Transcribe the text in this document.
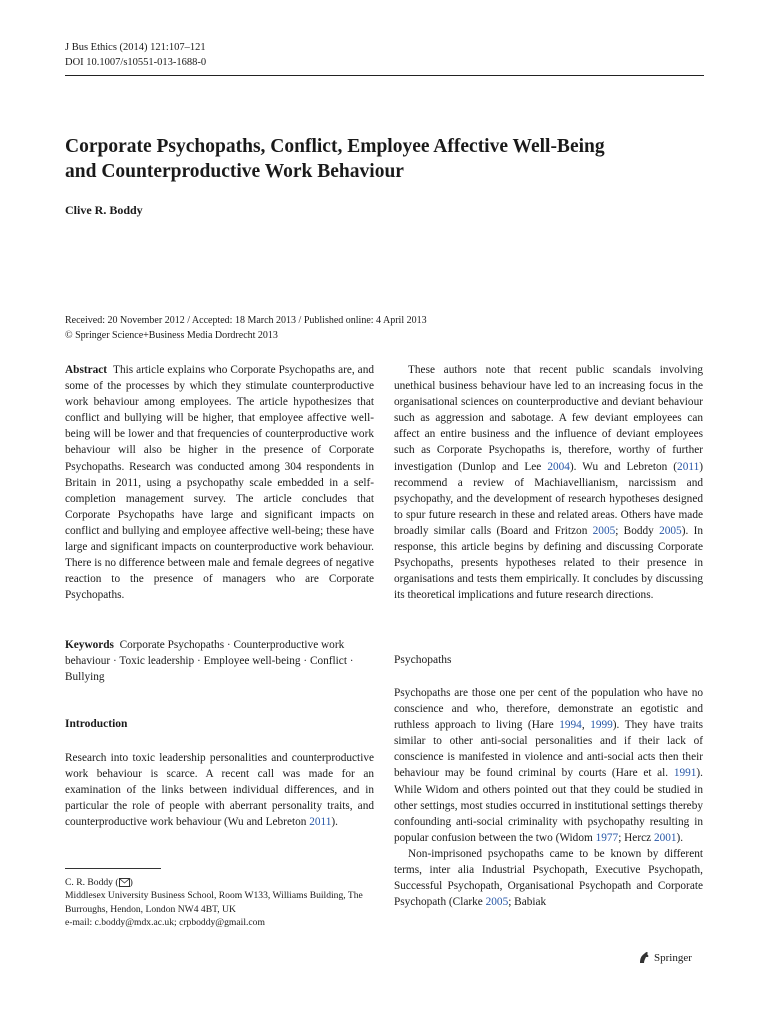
J Bus Ethics (2014) 121:107–121
DOI 10.1007/s10551-013-1688-0
Corporate Psychopaths, Conflict, Employee Affective Well-Being
and Counterproductive Work Behaviour
Clive R. Boddy
Received: 20 November 2012 / Accepted: 18 March 2013 / Published online: 4 April 2013
© Springer Science+Business Media Dordrecht 2013

Abstract This article explains who Corporate Psychopaths are, and some of the processes by which they stimulate counterproductive work behaviour among employees. The article hypothesizes that conflict and bullying will be higher, that employee affective well-being will be lower and that frequencies of counterproductive work behaviour will also be higher in the presence of Corporate Psychopaths. Research was conducted among 304 respondents in Britain in 2011, using a psychopathy scale embedded in a self-completion management survey. The article concludes that Corporate Psychopaths have large and significant impacts on conflict and bullying and employee affective well-being; these have large and significant impacts on counterproductive work behaviour. There is no difference between male and female degrees of negative reaction to the presence of managers who are Corporate Psychopaths.

Keywords Corporate Psychopaths · Counterproductive work behaviour · Toxic leadership · Employee well-being · Conflict · Bullying

Introduction

Research into toxic leadership personalities and counterproductive work behaviour is scarce. A recent call was made for an examination of the links between individual differences, and in particular the role of people with aberrant personality traits, and counterproductive work behaviour (Wu and Lebreton 2011).

C. R. Boddy ( )
Middlesex University Business School, Room W133, Williams Building, The Burroughs, Hendon, London NW4 4BT, UK
e-mail: c.boddy@mdx.ac.uk; crpboddy@gmail.com

These authors note that recent public scandals involving unethical business behaviour have led to an increasing focus in the organisational sciences on counterproductive and deviant behaviour such as aggression and sabotage. A few deviant employees can affect an entire business and the influence of deviant employees such as Corporate Psychopaths is, therefore, worthy of further investigation (Dunlop and Lee 2004). Wu and Lebreton (2011) recommend a review of Machiavellianism, narcissism and psychopathy, and the development of research hypotheses designed to spur future research in these and related areas. Others have made broadly similar calls (Board and Fritzon 2005; Boddy 2005). In response, this article begins by defining and discussing Corporate Psychopaths, presents hypotheses related to their presence in organisations and tests them empirically. It concludes by discussing its theoretical implications and future research directions.

Psychopaths

Psychopaths are those one per cent of the population who have no conscience and who, therefore, demonstrate an egotistic and ruthless approach to living (Hare 1994, 1999). They have traits similar to other anti-social personalities and if their lack of conscience is manifested in violence and anti-social acts then their behaviour may be found criminal by courts (Hare et al. 1991). While Widom and others pointed out that they could be studied in other settings, most studies occurred in institutional settings thereby confounding anti-social criminality with psychopathy resulting in popular confusion between the two (Widom 1977; Hercz 2001).

Non-imprisoned psychopaths came to be known by different terms, inter alia Industrial Psychopath, Executive Psychopath, Successful Psychopath, Organisational Psychopath and Corporate Psychopath (Clarke 2005; Babiak

Springer
